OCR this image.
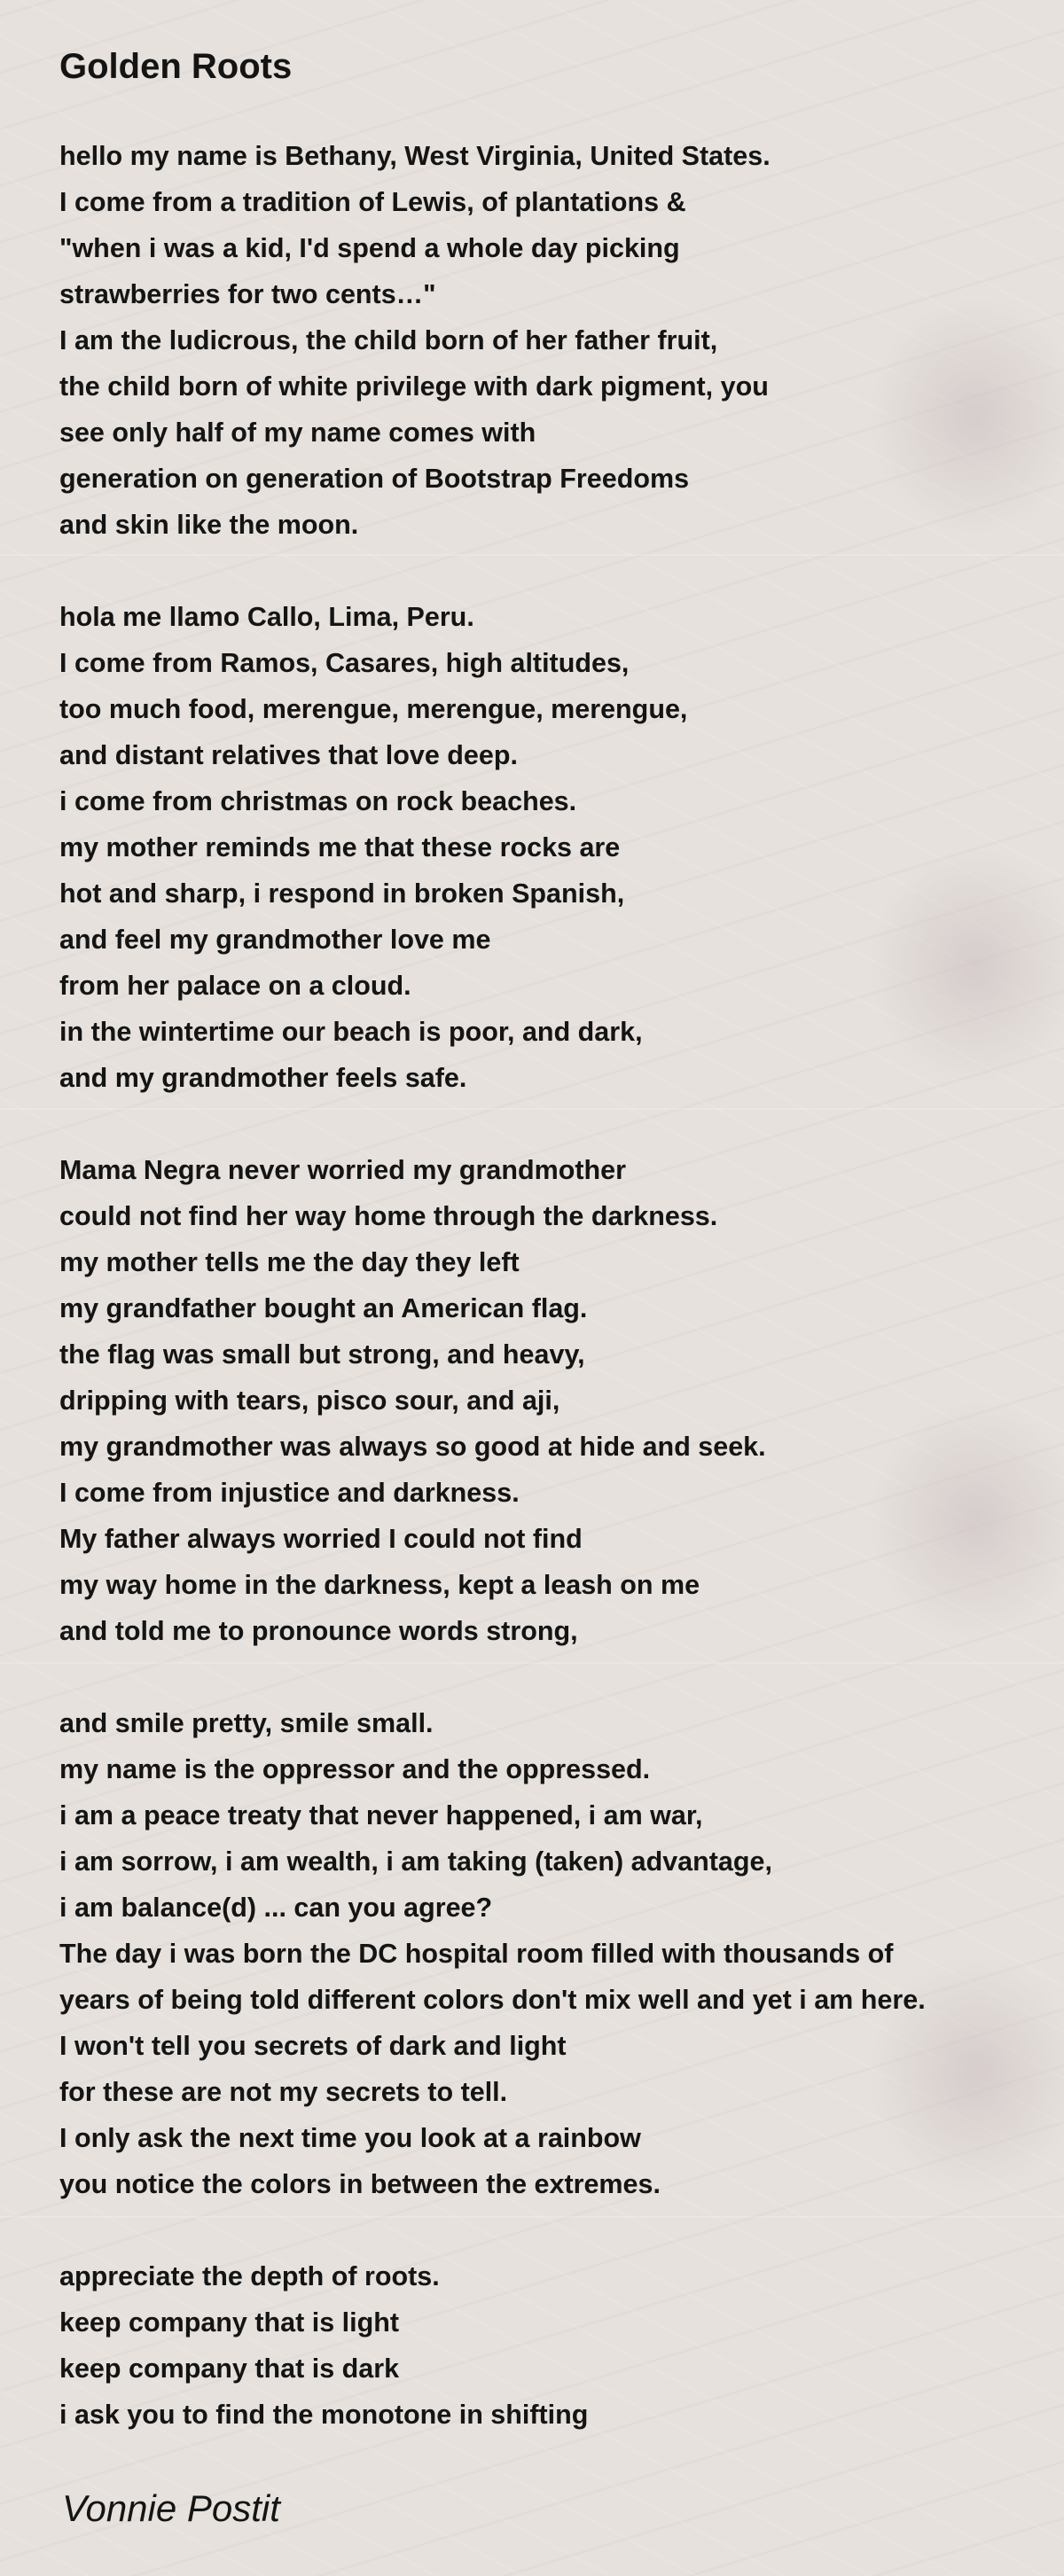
Golden Roots
hello my name is Bethany, West Virginia, United States.
I come from a tradition of Lewis, of plantations &
"when i was a kid, I'd spend a whole day picking
strawberries for two cents…"
I am the ludicrous, the child born of her father fruit,
the child born of white privilege with dark pigment, you
see only half of my name comes with
generation on generation of Bootstrap Freedoms
and skin like the moon.
hola me llamo Callo, Lima, Peru.
I come from Ramos, Casares, high altitudes,
too much food, merengue, merengue, merengue,
and distant relatives that love deep.
i come from christmas on rock beaches.
my mother reminds me that these rocks are
hot and sharp, i respond in broken Spanish,
and feel my grandmother love me
from her palace on a cloud.
in the wintertime our beach is poor, and dark,
and my grandmother feels safe.
Mama Negra never worried my grandmother
could not find her way home through the darkness.
my mother tells me the day they left
my grandfather bought an American flag.
the flag was small but strong, and heavy,
dripping with tears, pisco sour, and aji,
my grandmother was always so good at hide and seek.
I come from injustice and darkness.
My father always worried I could not find
my way home in the darkness, kept a leash on me
and told me to pronounce words strong,
and smile pretty, smile small.
my name is the oppressor and the oppressed.
i am a peace treaty that never happened, i am war,
i am sorrow, i am wealth, i am taking (taken) advantage,
i am balance(d) ... can you agree?
The day i was born the DC hospital room filled with thousands of
years of being told different colors don't mix well and yet i am here.
I won't tell you secrets of dark and light
for these are not my secrets to tell.
I only ask the next time you look at a rainbow
you notice the colors in between the extremes.
appreciate the depth of roots.
keep company that is light
keep company that is dark
i ask you to find the monotone in shifting
Vonnie Postit
